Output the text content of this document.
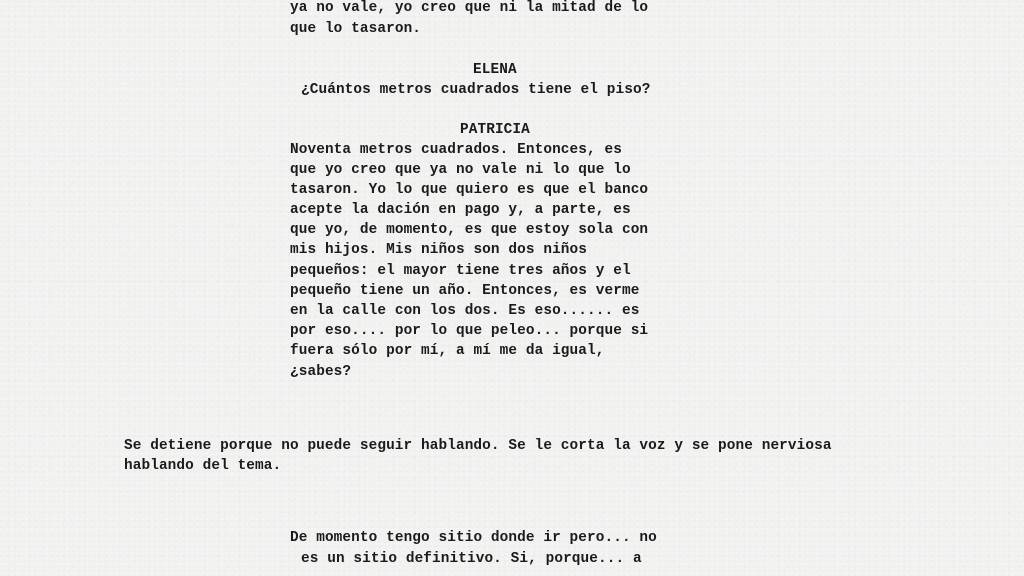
ya no vale, yo creo que ni la mitad de lo
que lo tasaron.
ELENA
¿Cuántos metros cuadrados tiene el piso?
PATRICIA
Noventa metros cuadrados. Entonces, es
que yo creo que ya no vale ni lo que lo
tasaron. Yo lo que quiero es que el banco
acepte la dación en pago y, a parte, es
que yo, de momento, es que estoy sola con
mis hijos. Mis niños son dos niños
pequeños: el mayor tiene tres años y el
pequeño tiene un año. Entonces, es verme
en la calle con los dos. Es eso...... es
por eso.... por lo que peleo... porque si
fuera sólo por mí, a mí me da igual,
¿sabes?
Se detiene porque no puede seguir hablando. Se le corta la voz y se pone nerviosa
hablando del tema.
De momento tengo sitio donde ir pero... no
es un sitio definitivo. Si, porque... a
